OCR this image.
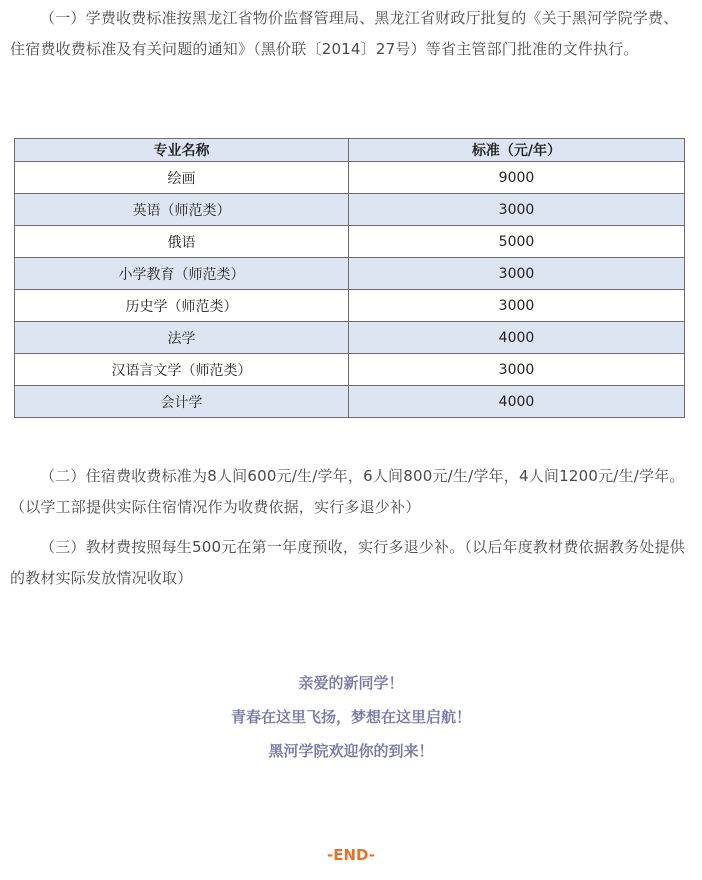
（一）学费收费标准按黑龙江省物价监督管理局、黑龙江省财政厅批复的《关于黑河学院学费、住宿费收费标准及有关问题的通知》（黑价联〔2014〕27号）等省主管部门批准的文件执行。

专业名称	标准（元/年）
绘画	9000
英语（师范类）	3000
俄语	5000
小学教育（师范类）	3000
历史学（师范类）	3000
法学	4000
汉语言文学（师范类）	3000
会计学	4000

（二）住宿费收费标准为8人间600元/生/学年，6人间800元/生/学年，4人间1200元/生/学年。（以学工部提供实际住宿情况作为收费依据，实行多退少补）

（三）教材费按照每生500元在第一年度预收，实行多退少补。（以后年度教材费依据教务处提供的教材实际发放情况收取）

亲爱的新同学！

青春在这里飞扬，梦想在这里启航！

黑河学院欢迎你的到来！

-END-
